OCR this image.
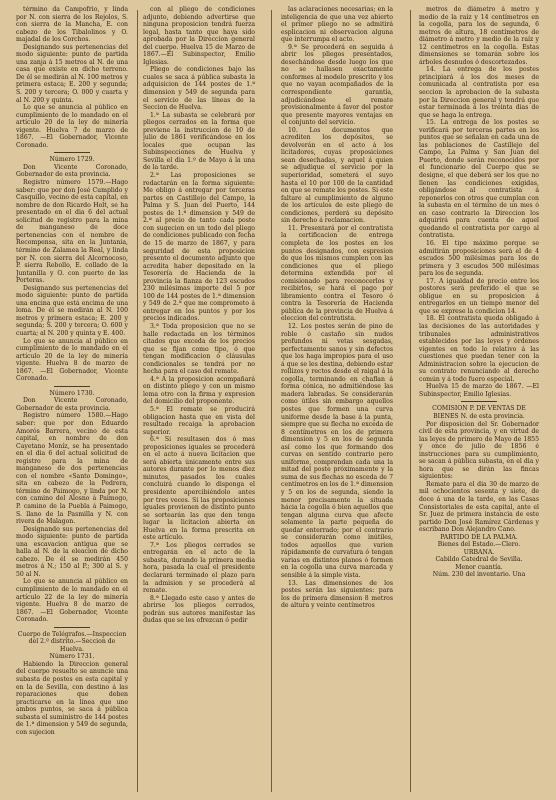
término da Campofrio, y linda por N. con sierra de los Rejolos, S. con sierra de la Mancha, E. con cabezo de los Tibalolinos y O. majadal de los Corchos.

Designando sus pertenencias del modo siguiente: punto de partida una zanja á 15 metros al N. de una casa que existe en dicho terreno. De él se medirán al N. 100 metros y primera estaca; E. 200 y segunda; S. 200 y tercera; O. 000 y cuarta y al N. 200 y quinta.

Lo que se anuncia al público en cumplimiento de lo mandado en el artículo 20 de la ley de minería vigente. Huelva 7 de marzo de 1867. —El Gobernador, Vicente Coronado.

Número 1729.

Don Vicente Coronado, Gobernador de esta provincia.

Registro número 1579.—Hago saber: que por don José Cumplido y Casquillo, vecino de esta capital, en nombre de don Ricardo Holt, se ha presentado en el dia 6 del actual solicitud de registro para la mina de manganeso de doce pertenencias con el nombre de Recompensa, sita en la Juntania, término de Zalamea la Real, y linda por N. con sierra del Alcornocoso, P. sierra Rebollo, E. collado de la Juntanilla y O. con puerto de las Porteras.

Designando sus pertenencias del modo siguiente: punto de partida una encina que está encima de una loma. De él se medirán al N. 100 metros y primera estaca; E. 200 y segunda; S. 200 y tercera; O. 600 y cuarta; al N. 200 y quinta y E. 400.

Lo que se anuncia al público en cumplimiento de lo mandado en el artículo 20 de la ley de minería vigente. Huelva 8 de marzo de 1867. —El Gobernador, Vicente Coronado.

Número 1730.

Don Vicente Coronado, Gobernador de esta provincia.

Registro número 1580.—Hago saber: que por don Eduardo Amorós Barrera, vecino de esta capital, en nombre de don Cayetano Moníz, se ha presentado en el dia 6 del actual solicitud de registro para la mina de manganeso de dos pertenencias con el nombre «Santo Domingo», sita en cabezo de la Pedrera, término de Paimogo, y linda por N. con camino del Alosno á Paimogo, P. camino de la Puebla á Paimogo, S. llano de la Pasmilla y N. con rivera de Malagon.

Designando sus pertenencias del modo siguiente: punto de partida una escavacion antigua que se halla al N. de la eleacion de dicho cabezo. De él se medirán 450 metros á N.; 150 al P.; 300 al S. y 50 al N.

Lo que se anuncia al público en cumplimiento de lo mandado en el artículo 22 de la ley de minería vigente. Huelva 8 de marzo de 1867. —El Gobernador, Vicente Coronado.

Cuerpo de Telégrafos.—Inspeccion del 2.º distrito.—Seccion de Huelva.

Número 1731.

Habiendo la Direccion general del cuerpo resuelto se anuncie una subasta de postes en esta capital y en la de Sevilla, con destino á las reparaciones que deben practicarse en la línea que une ambos puntos, se saca á pública subasta el suministro de 144 postes de 1.ª dimension y 549 de segunda, con sujecion

con al pliego de condiciones adjunto, debiendo advertirse que ninguna proposicion tendrá fuerza legal, hasta tanto que haya sido aprobada por la Direccion general del cuerpo. Huelva 15 de Marzo de 1867.—El Subinspector, Emilio Iglesias.

Pliego de condiciones bajo las cuales se saca á pública subasta la adquisicion de 144 postes de 1.ª dimension y 549 de segunda para el servicio de las líneas de la Seccion de Huelva.

1.ª La subasta se celebrará por pliegos cerrados en la forma que previene la instruccion de 10 de julio de 1861 verificándose en los locales que ocupan las Subinspecciones de Huelva y Sevilla el dia 1.º de Mayo á la una de la tarde.

2.ª Las proposiciones se redactarán en la forma siguiente: Me obligo á entregar por terceras partes en Castillejo del Campo, la Palma y S. Juan del Puerto, 144 postes de 1.ª dimension y 549 de 2.ª al precio de tanto cada poste con sugecion en un todo del pliego de condiciones publicado con fecha de 15 de marzo de 1867, y para seguridad de esta proposicion presento el documento adjunto que acredita haber depositado en la Tesorería de Hacienda de la provincia la fianza de 123 escudos 230 milésimas importe del 5 por 100 de 144 postes de 1.ª dimension y 549 de 2.ª que me comprometo á entregar en los puntos y por los precios indicados.

3.ª Toda proposicion que no se halle redactada en los términos citados que exceda de los precios que se fijan como tipo, ó que tengan modificacion ó cláusulas condicionales se tendrá por no hecha para el caso del remate.

4.ª A la proposicion acompañará en distinto pliego y con un mismo lema otro con la firma y expresion del domicilio del proponente.

5.ª El remate se producirá obligacion hasta que en vista del resultado recaiga la aprobacion superior.

6.ª Si resultasen dos ó mas proposiciones iguales se procederá en el acto á nueva licitacion que será abierta únicamente entre sus autores durante por lo menos diez minutos, pasados los cuales concluirá cuando lo disponga el presidente apercibiéndolo antes por tres veces. Si las proposiciones iguales provienen de distinto punto se sortearán las que den tenga lugar la licitacion abierta en Huelva en la forma prescrita en este artículo.

7.ª Los pliegos cerrados se entregarán en el acto de la subasta, durando la primera media hora, pasada la cual el presidente declarará terminado el plazo para la admision y se procederá al remate.

8.ª Llegado este caso y antes de abrirse los pliegos cerrados, podrán sus autores manifestar las dudas que se les ofrezcan ó pedir

las aclaraciones necesarias; en la inteligencia de que una vez abierto el primer pliego no se admitirá esplicacion ni observacion alguna que interrumpa el acto.

9.ª Se procederá en seguida á abrir los pliegos presentados, desechándose desde luego los que no se hallasen exactamente conformes al modelo prescrito y los que no vayan acompañados de la correspondiente garantía, adjudicándose el remate provisionalmente á favor del postor que presente mayores ventajas en el conjunto del servicio.

10. Los documentos que acrediten los depósitos, se devolverán en el acto á los licitadores, cuyas proposiciones sean desechadas, y aquel á quien se adjudique el servicio por la superioridad, someterá el suyo hasta el 10 por 100 de la cantidad en que se remate los postes. Si este faltare al cumplimiento de alguno de los artículos de este pliego de condiciones, perderá su depósito sin derecho á reclamacion.

11. Presentará por el contratista la certificacion de entrega completa de los postes en los puntos designados, con espresion de que los mismos cumplen con las condiciones que el pliego determina extendida por el comisionado para reconocerlos y recibirlos, se hará el pago por libramiento contra el Tesoro ó contra la Tesorería de Hacienda pública de la provincia de Huelva á eleccion del contratista.

12. Los postes serán de pino de roble ó castaño sin nudos profundos ni vetas sesgadas, perfectamente sanos y sin defectos que los haga impropios para el uso á que se les destina, debiendo estar rollizos y rectos desde el raigal á la cogolla, terminando en chaflan á forma cónica, no admitiéndose las madera labradas. Se considerarán como útiles sin embargo aquellos postes que formen una curva uniforme desde la base á la punta, siempre que su flecha no exceda de 8 centímetros en los de primera dimension y 5 en los de segunda así como los que formando dos curvas en sentido contrario pero uniforme, comprendan cada una la mitad del poste próximamente y la suma de sus flechas no esceda de 7 centímetros en los de 1.ª dimension y 5 en los de segunda, siendo la menor precisamente la situada hácia la cogolla ó bien aquellos que tengan alguna curva que afecte solamente la parte pequeña de quedar enterrado; por el contrario se considerarán como inútiles, todos aquellos que varien rápidamente de curvatura ó tengan varias en distintos planos ó formen en la cogolla una curva marcada y sensible á la simple vista.

13. Las dimensiones de los postes serán las siguientes: para los de primera dimension 8 metros de altura y veinte centímetros

metros de diámetro á metro y medio de la raíz y 14 centímetros en la cogolla, para los de segunda, 6 metros de altura, 18 centímetros de diámetro á metro y medio de la raíz y 12 centímetros en la cogolla. Estas dimensiones se tomarán sobre los árboles desnudos ó descortezados.

14. La entrega de los postes principiará á los dos meses de comunicada al contratista por esa seccion la aprobacion de la subasta por la Direccion general y tendrá que estar terminada á los treinta dias de que se haga la entrega.

15. La entrega de los postes se verificará por terceras partes en los puntos que se señalan en cada una de las poblaciones de Castillejo del Campo, La Palma y San Juan del Puerto, donde serán reconocidos por el funcionario del Cuerpo que se designe, el que deberá ser los que no llenen las condiciones exigidas, obligándose al contratista á reponerlos con otros que cumplan con la subasta en el término de un mes ó en caso contrario la Direccion los adquirirá para cuenta de aquel quedando el contratista por cargo al contratista.

16. El tipo máximo porque se admitirán proposiciones será el de 4 escudos 500 milésimas para los de primera y 3 escudos 500 milésimas para los de segunda.

17. A igualdad de precio entre los postores será preferido el que se obligue en su proposicion á entregarlos en un tiempo menor del que se exprese la condicion 14.

18. El contratista queda obligado á las decisiones de las autoridades y tribunales administrativos establecidos por las leyes y órdenes vigentes en todo lo relativo á las cuestiones que puedan tener con la Administracion sobre la ejecucion de su contrato renunciando al derecho común y á todo fuero especial.

Huelva 15 de marzo de 1867. —El Subinspector, Emilio Iglesias.

COMISION P. DE VENTAS DE BIENES N. de esta provincia.

Por disposicion del Sr. Gobernador civil de esta provincia, y en virtud de las leyes de primero de Mayo de 1855 y once de julio de 1856 é instrucciones para su cumplimiento, se sacan á pública subasta, en el dia y hora que se dirán las fincas siguientes:

Remate para el dia 30 de marzo de mil ochocientos sesenta y siete, de doce á una de la tarde, en las Casas Consistoriales de esta capital, ante el Sr. Juez de primera instancia de este partido Don José Ramírez Cárdenas y escribano Don Alejandro Cano.

PARTIDO DE LA PALMA.

Bienes del Estado.—Clero.

URBANA.

Cabildo Catedral de Sevilla.

Menor cuantía.

Núm. 230 del inventario. Una
